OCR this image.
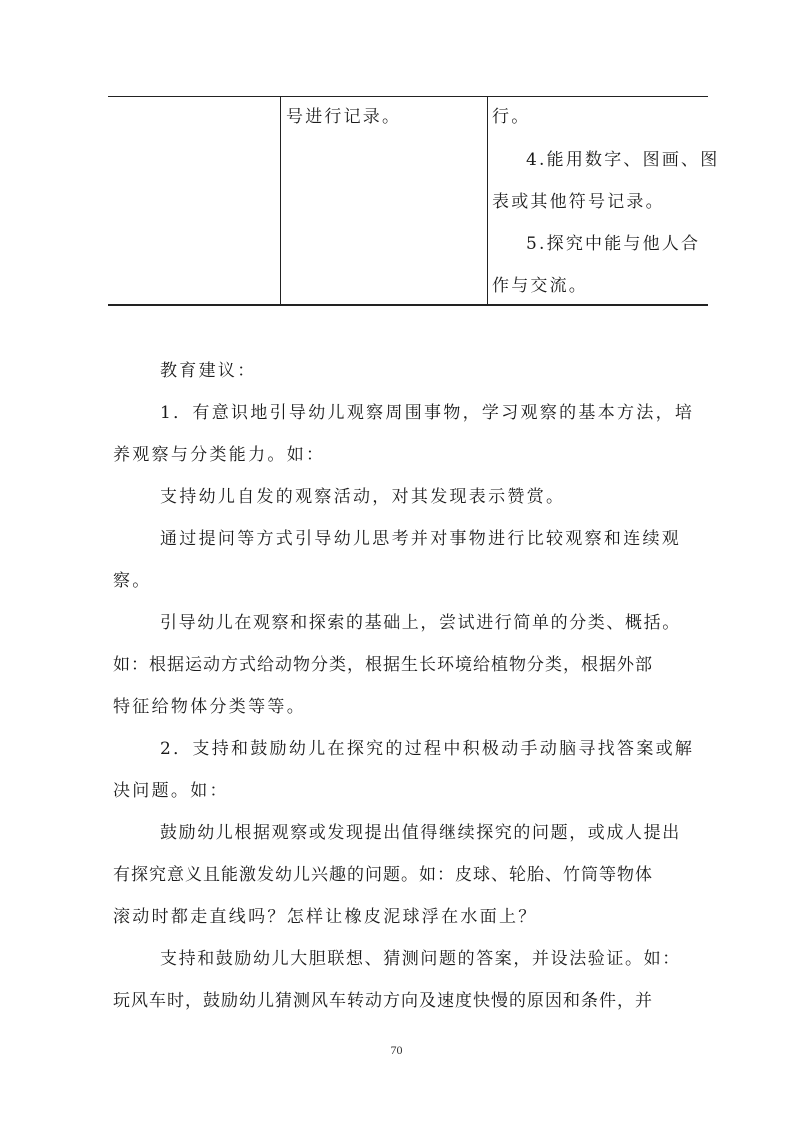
号进行记录。	行。
4.能用数字、图画、图
表或其他符号记录。
5.探究中能与他人合
作与交流。
教育建议：
1．有意识地引导幼儿观察周围事物，学习观察的基本方法，培
养观察与分类能力。如：
支持幼儿自发的观察活动，对其发现表示赞赏。
通过提问等方式引导幼儿思考并对事物进行比较观察和连续观
察。
引导幼儿在观察和探索的基础上，尝试进行简单的分类、概括。
如：根据运动方式给动物分类，根据生长环境给植物分类，根据外部
特征给物体分类等等。
2．支持和鼓励幼儿在探究的过程中积极动手动脑寻找答案或解
决问题。如：
鼓励幼儿根据观察或发现提出值得继续探究的问题，或成人提出
有探究意义且能激发幼儿兴趣的问题。如：皮球、轮胎、竹筒等物体
滚动时都走直线吗？怎样让橡皮泥球浮在水面上？
支持和鼓励幼儿大胆联想、猜测问题的答案，并设法验证。如：
玩风车时，鼓励幼儿猜测风车转动方向及速度快慢的原因和条件，并
70
